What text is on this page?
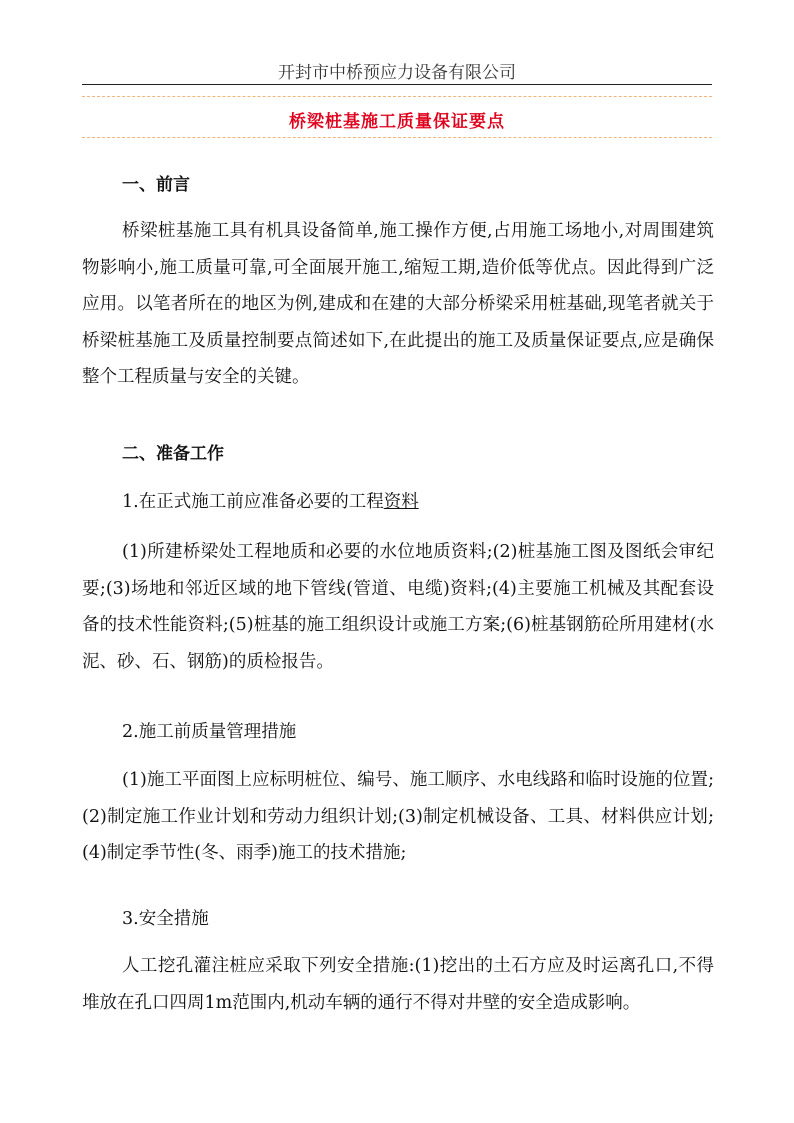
开封市中桥预应力设备有限公司
桥梁桩基施工质量保证要点
一、前言
桥梁桩基施工具有机具设备简单,施工操作方便,占用施工场地小,对周围建筑物影响小,施工质量可靠,可全面展开施工,缩短工期,造价低等优点。因此得到广泛应用。以笔者所在的地区为例,建成和在建的大部分桥梁采用桩基础,现笔者就关于桥梁桩基施工及质量控制要点简述如下,在此提出的施工及质量保证要点,应是确保整个工程质量与安全的关键。
二、准备工作
1.在正式施工前应准备必要的工程资料
(1)所建桥梁处工程地质和必要的水位地质资料;(2)桩基施工图及图纸会审纪要;(3)场地和邻近区域的地下管线(管道、电缆)资料;(4)主要施工机械及其配套设备的技术性能资料;(5)桩基的施工组织设计或施工方案;(6)桩基钢筋砼所用建材(水泥、砂、石、钢筋)的质检报告。
2.施工前质量管理措施
(1)施工平面图上应标明桩位、编号、施工顺序、水电线路和临时设施的位置;(2)制定施工作业计划和劳动力组织计划;(3)制定机械设备、工具、材料供应计划;(4)制定季节性(冬、雨季)施工的技术措施;
3.安全措施
人工挖孔灌注桩应采取下列安全措施:(1)挖出的土石方应及时运离孔口,不得堆放在孔口四周1m范围内,机动车辆的通行不得对井壁的安全造成影响。
